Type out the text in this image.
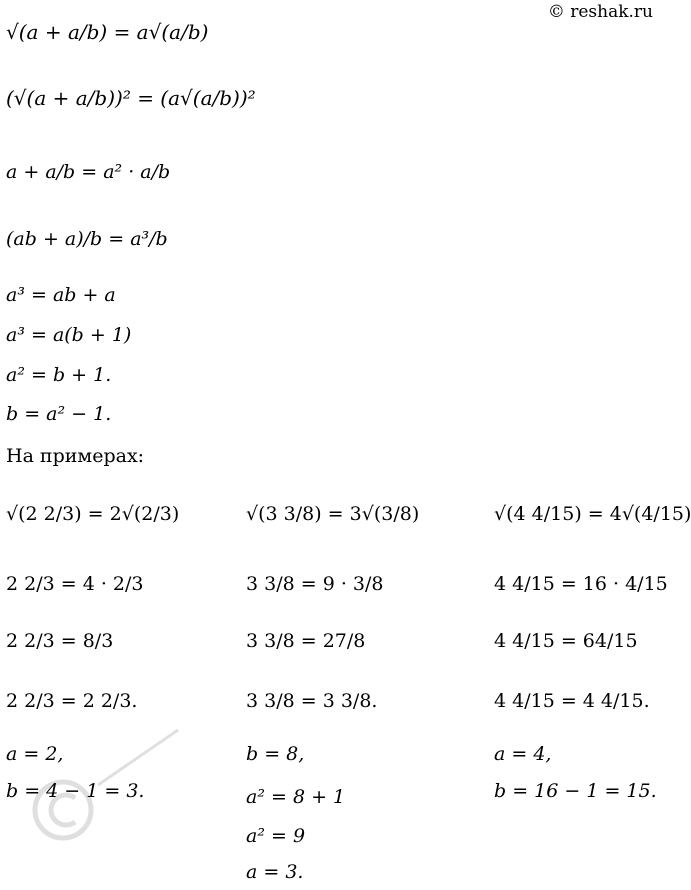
© reshak.ru
√(a + a/b) = a√(a/b)
(√(a + a/b))² = (a√(a/b))²
a + a/b = a² · a/b
(ab + a)/b = a³/b
a³ = ab + a
a³ = a(b + 1)
a² = b + 1.
b = a² − 1.
На примерах:
√(2 2/3) = 2√(2/3)
2 2/3 = 4 · 2/3
2 2/3 = 8/3
2 2/3 = 2 2/3.
a = 2,
b = 4 − 1 = 3.
√(3 3/8) = 3√(3/8)
3 3/8 = 9 · 3/8
3 3/8 = 27/8
3 3/8 = 3 3/8.
b = 8,
a² = 8 + 1
a² = 9
a = 3.
√(4 4/15) = 4√(4/15)
4 4/15 = 16 · 4/15
4 4/15 = 64/15
4 4/15 = 4 4/15.
a = 4,
b = 16 − 1 = 15.
